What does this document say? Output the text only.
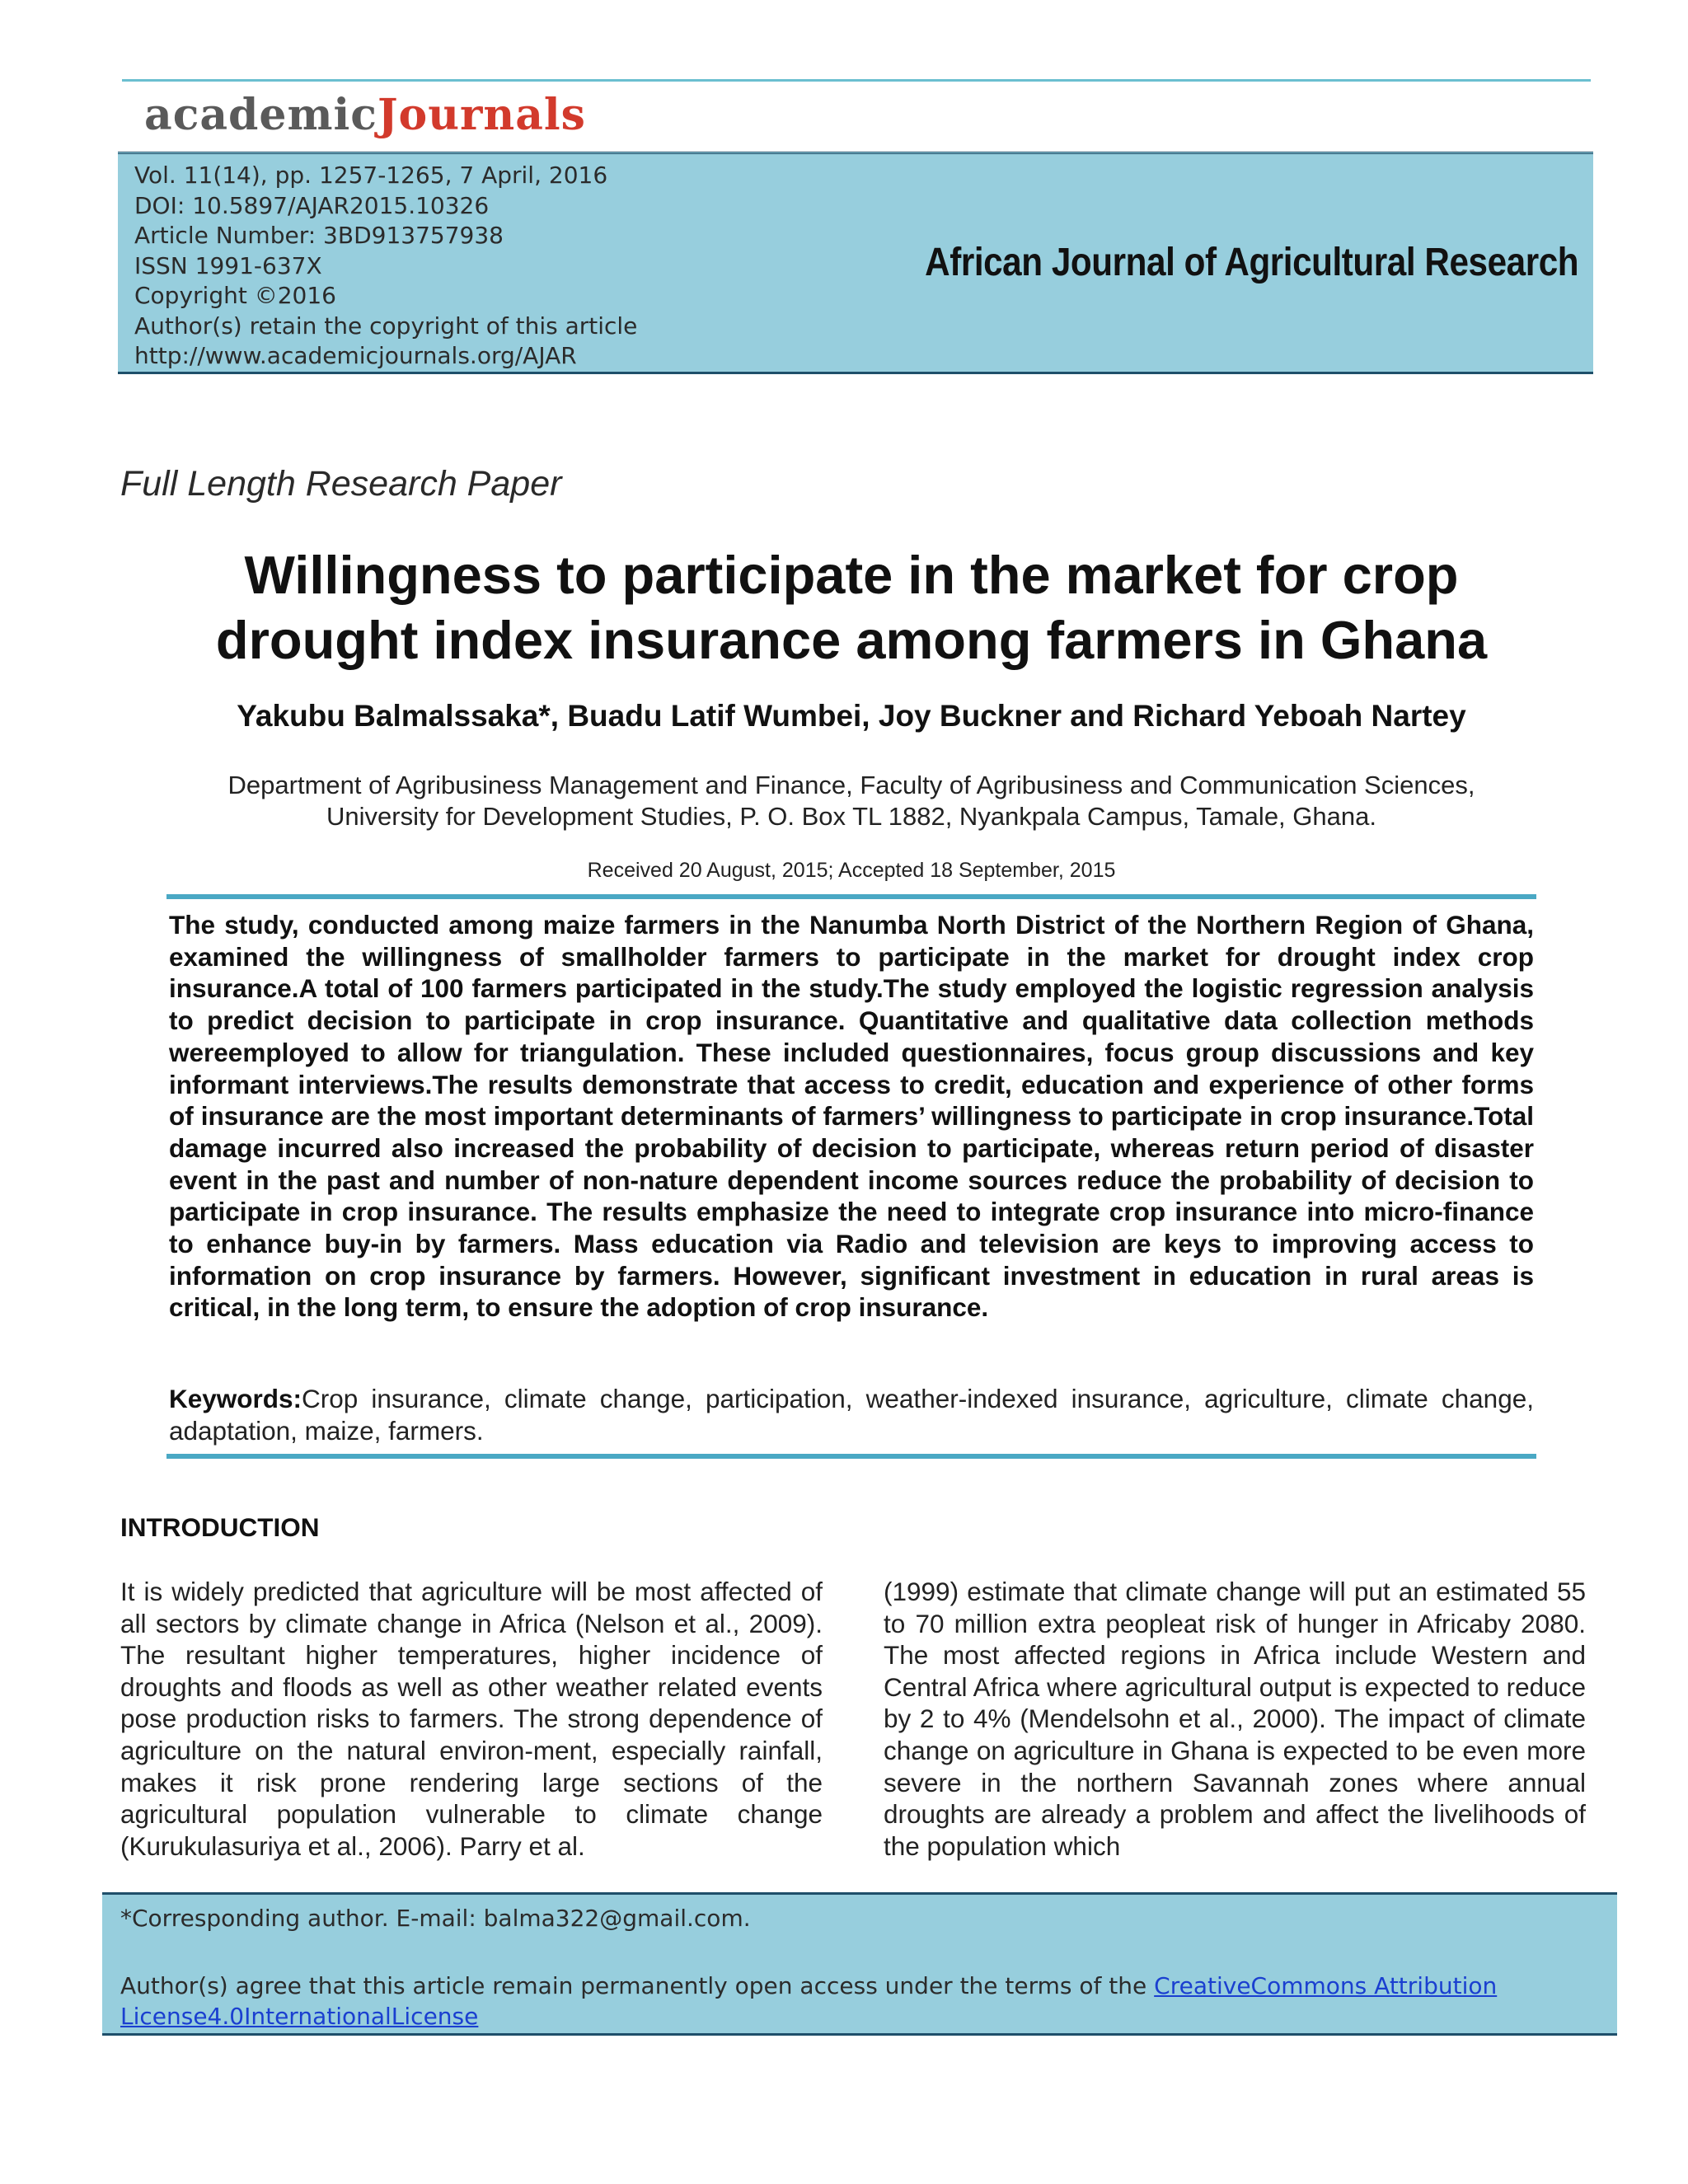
academicJournals
Vol. 11(14), pp. 1257-1265, 7 April, 2016
DOI: 10.5897/AJAR2015.10326
Article Number: 3BD913757938
ISSN 1991-637X
Copyright ©2016
Author(s) retain the copyright of this article
http://www.academicjournals.org/AJAR
African Journal of Agricultural Research
Full Length Research Paper
Willingness to participate in the market for crop
drought index insurance among farmers in Ghana
Yakubu Balmalssaka*, Buadu Latif Wumbei, Joy Buckner and Richard Yeboah Nartey
Department of Agribusiness Management and Finance, Faculty of Agribusiness and Communication Sciences,
University for Development Studies, P. O. Box TL 1882, Nyankpala Campus, Tamale, Ghana.
Received 20 August, 2015; Accepted 18 September, 2015
The study, conducted among maize farmers in the Nanumba North District of the Northern Region of Ghana, examined the willingness of smallholder farmers to participate in the market for drought index crop insurance.A total of 100 farmers participated in the study.The study employed the logistic regression analysis to predict decision to participate in crop insurance. Quantitative and qualitative data collection methods wereemployed to allow for triangulation. These included questionnaires, focus group discussions and key informant interviews.The results demonstrate that access to credit, education and experience of other forms of insurance are the most important determinants of farmers’ willingness to participate in crop insurance.Total damage incurred also increased the probability of decision to participate, whereas return period of disaster event in the past and number of non-nature dependent income sources reduce the probability of decision to participate in crop insurance. The results emphasize the need to integrate crop insurance into micro-finance to enhance buy-in by farmers. Mass education via Radio and television are keys to improving access to information on crop insurance by farmers. However, significant investment in education in rural areas is critical, in the long term, to ensure the adoption of crop insurance.
Keywords:Crop insurance, climate change, participation, weather-indexed insurance, agriculture, climate change, adaptation, maize, farmers.
INTRODUCTION
It is widely predicted that agriculture will be most affected of all sectors by climate change in Africa (Nelson et al., 2009). The resultant higher temperatures, higher incidence of droughts and floods as well as other weather related events pose production risks to farmers. The strong dependence of agriculture on the natural environ-ment, especially rainfall, makes it risk prone rendering large sections of the agricultural population vulnerable to climate change (Kurukulasuriya et al., 2006). Parry et al.
(1999) estimate that climate change will put an estimated 55 to 70 million extra peopleat risk of hunger in Africaby 2080. The most affected regions in Africa include Western and Central Africa where agricultural output is expected to reduce by 2 to 4% (Mendelsohn et al., 2000). The impact of climate change on agriculture in Ghana is expected to be even more severe in the northern Savannah zones where annual droughts are already a problem and affect the livelihoods of the population which
*Corresponding author. E-mail: balma322@gmail.com.
Author(s) agree that this article remain permanently open access under the terms of the CreativeCommons Attribution
License4.0InternationalLicense
